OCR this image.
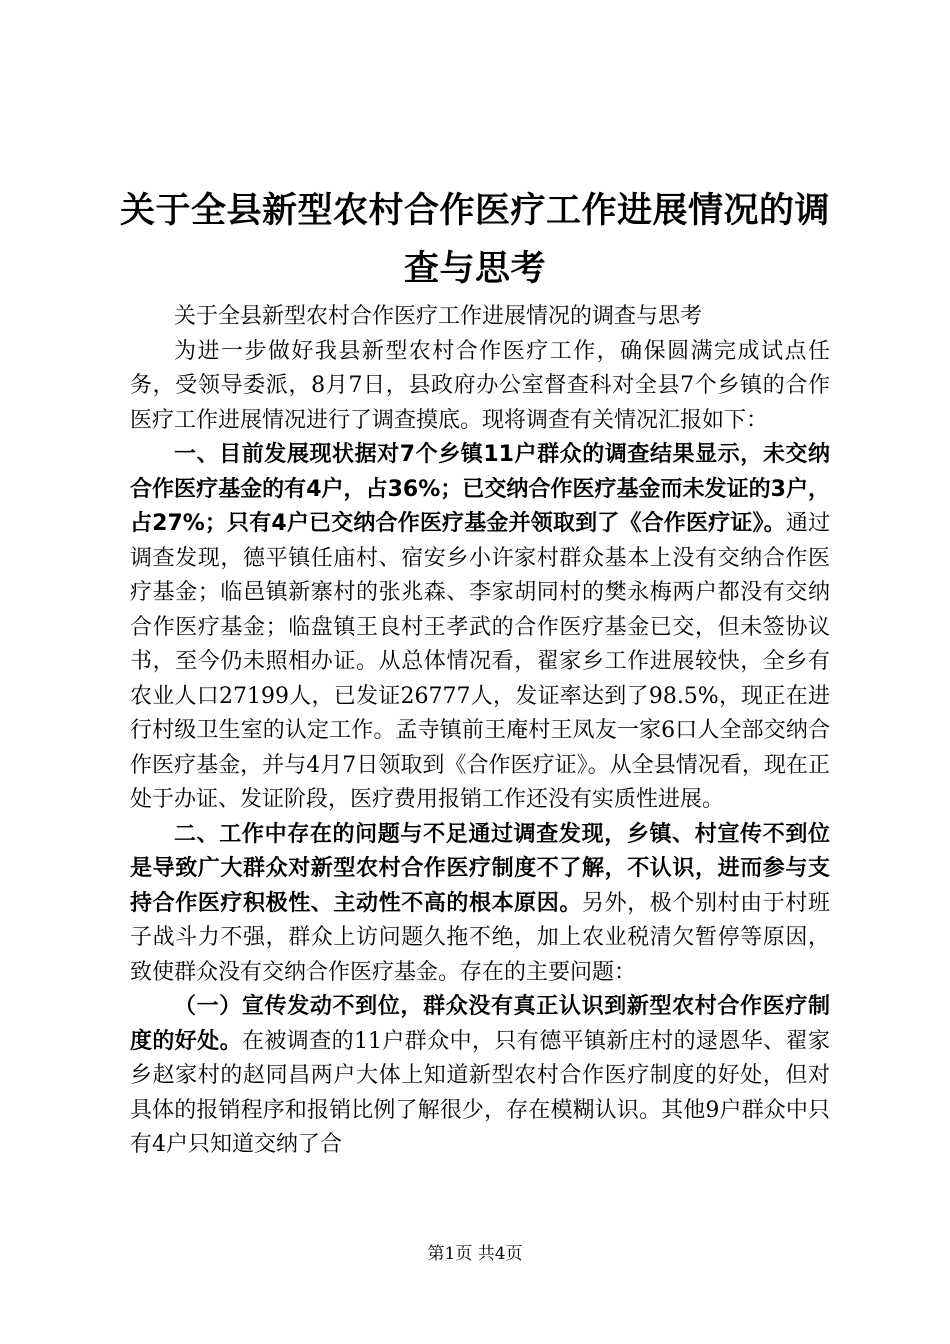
关于全县新型农村合作医疗工作进展情况的调
查与思考

关于全县新型农村合作医疗工作进展情况的调查与思考

为进一步做好我县新型农村合作医疗工作，确保圆满完成试点任务，受领导委派，8月7日，县政府办公室督查科对全县7个乡镇的合作医疗工作进展情况进行了调查摸底。现将调查有关情况汇报如下：

一、目前发展现状据对7个乡镇11户群众的调查结果显示，未交纳合作医疗基金的有4户，占36%；已交纳合作医疗基金而未发证的3户，占27%；只有4户已交纳合作医疗基金并领取到了《合作医疗证》。通过调查发现，德平镇任庙村、宿安乡小许家村群众基本上没有交纳合作医疗基金；临邑镇新寨村的张兆森、李家胡同村的樊永梅两户都没有交纳合作医疗基金；临盘镇王良村王孝武的合作医疗基金已交，但未签协议书，至今仍未照相办证。从总体情况看，翟家乡工作进展较快，全乡有农业人口27199人，已发证26777人，发证率达到了98.5%，现正在进行村级卫生室的认定工作。孟寺镇前王庵村王凤友一家6口人全部交纳合作医疗基金，并与4月7日领取到《合作医疗证》。从全县情况看，现在正处于办证、发证阶段，医疗费用报销工作还没有实质性进展。

二、工作中存在的问题与不足通过调查发现，乡镇、村宣传不到位是导致广大群众对新型农村合作医疗制度不了解，不认识，进而参与支持合作医疗积极性、主动性不高的根本原因。另外，极个别村由于村班子战斗力不强，群众上访问题久拖不绝，加上农业税清欠暂停等原因，致使群众没有交纳合作医疗基金。存在的主要问题：

（一）宣传发动不到位，群众没有真正认识到新型农村合作医疗制度的好处。在被调查的11户群众中，只有德平镇新庄村的逯恩华、翟家乡赵家村的赵同昌两户大体上知道新型农村合作医疗制度的好处，但对具体的报销程序和报销比例了解很少，存在模糊认识。其他9户群众中只有4户只知道交纳了合

第1页 共4页
